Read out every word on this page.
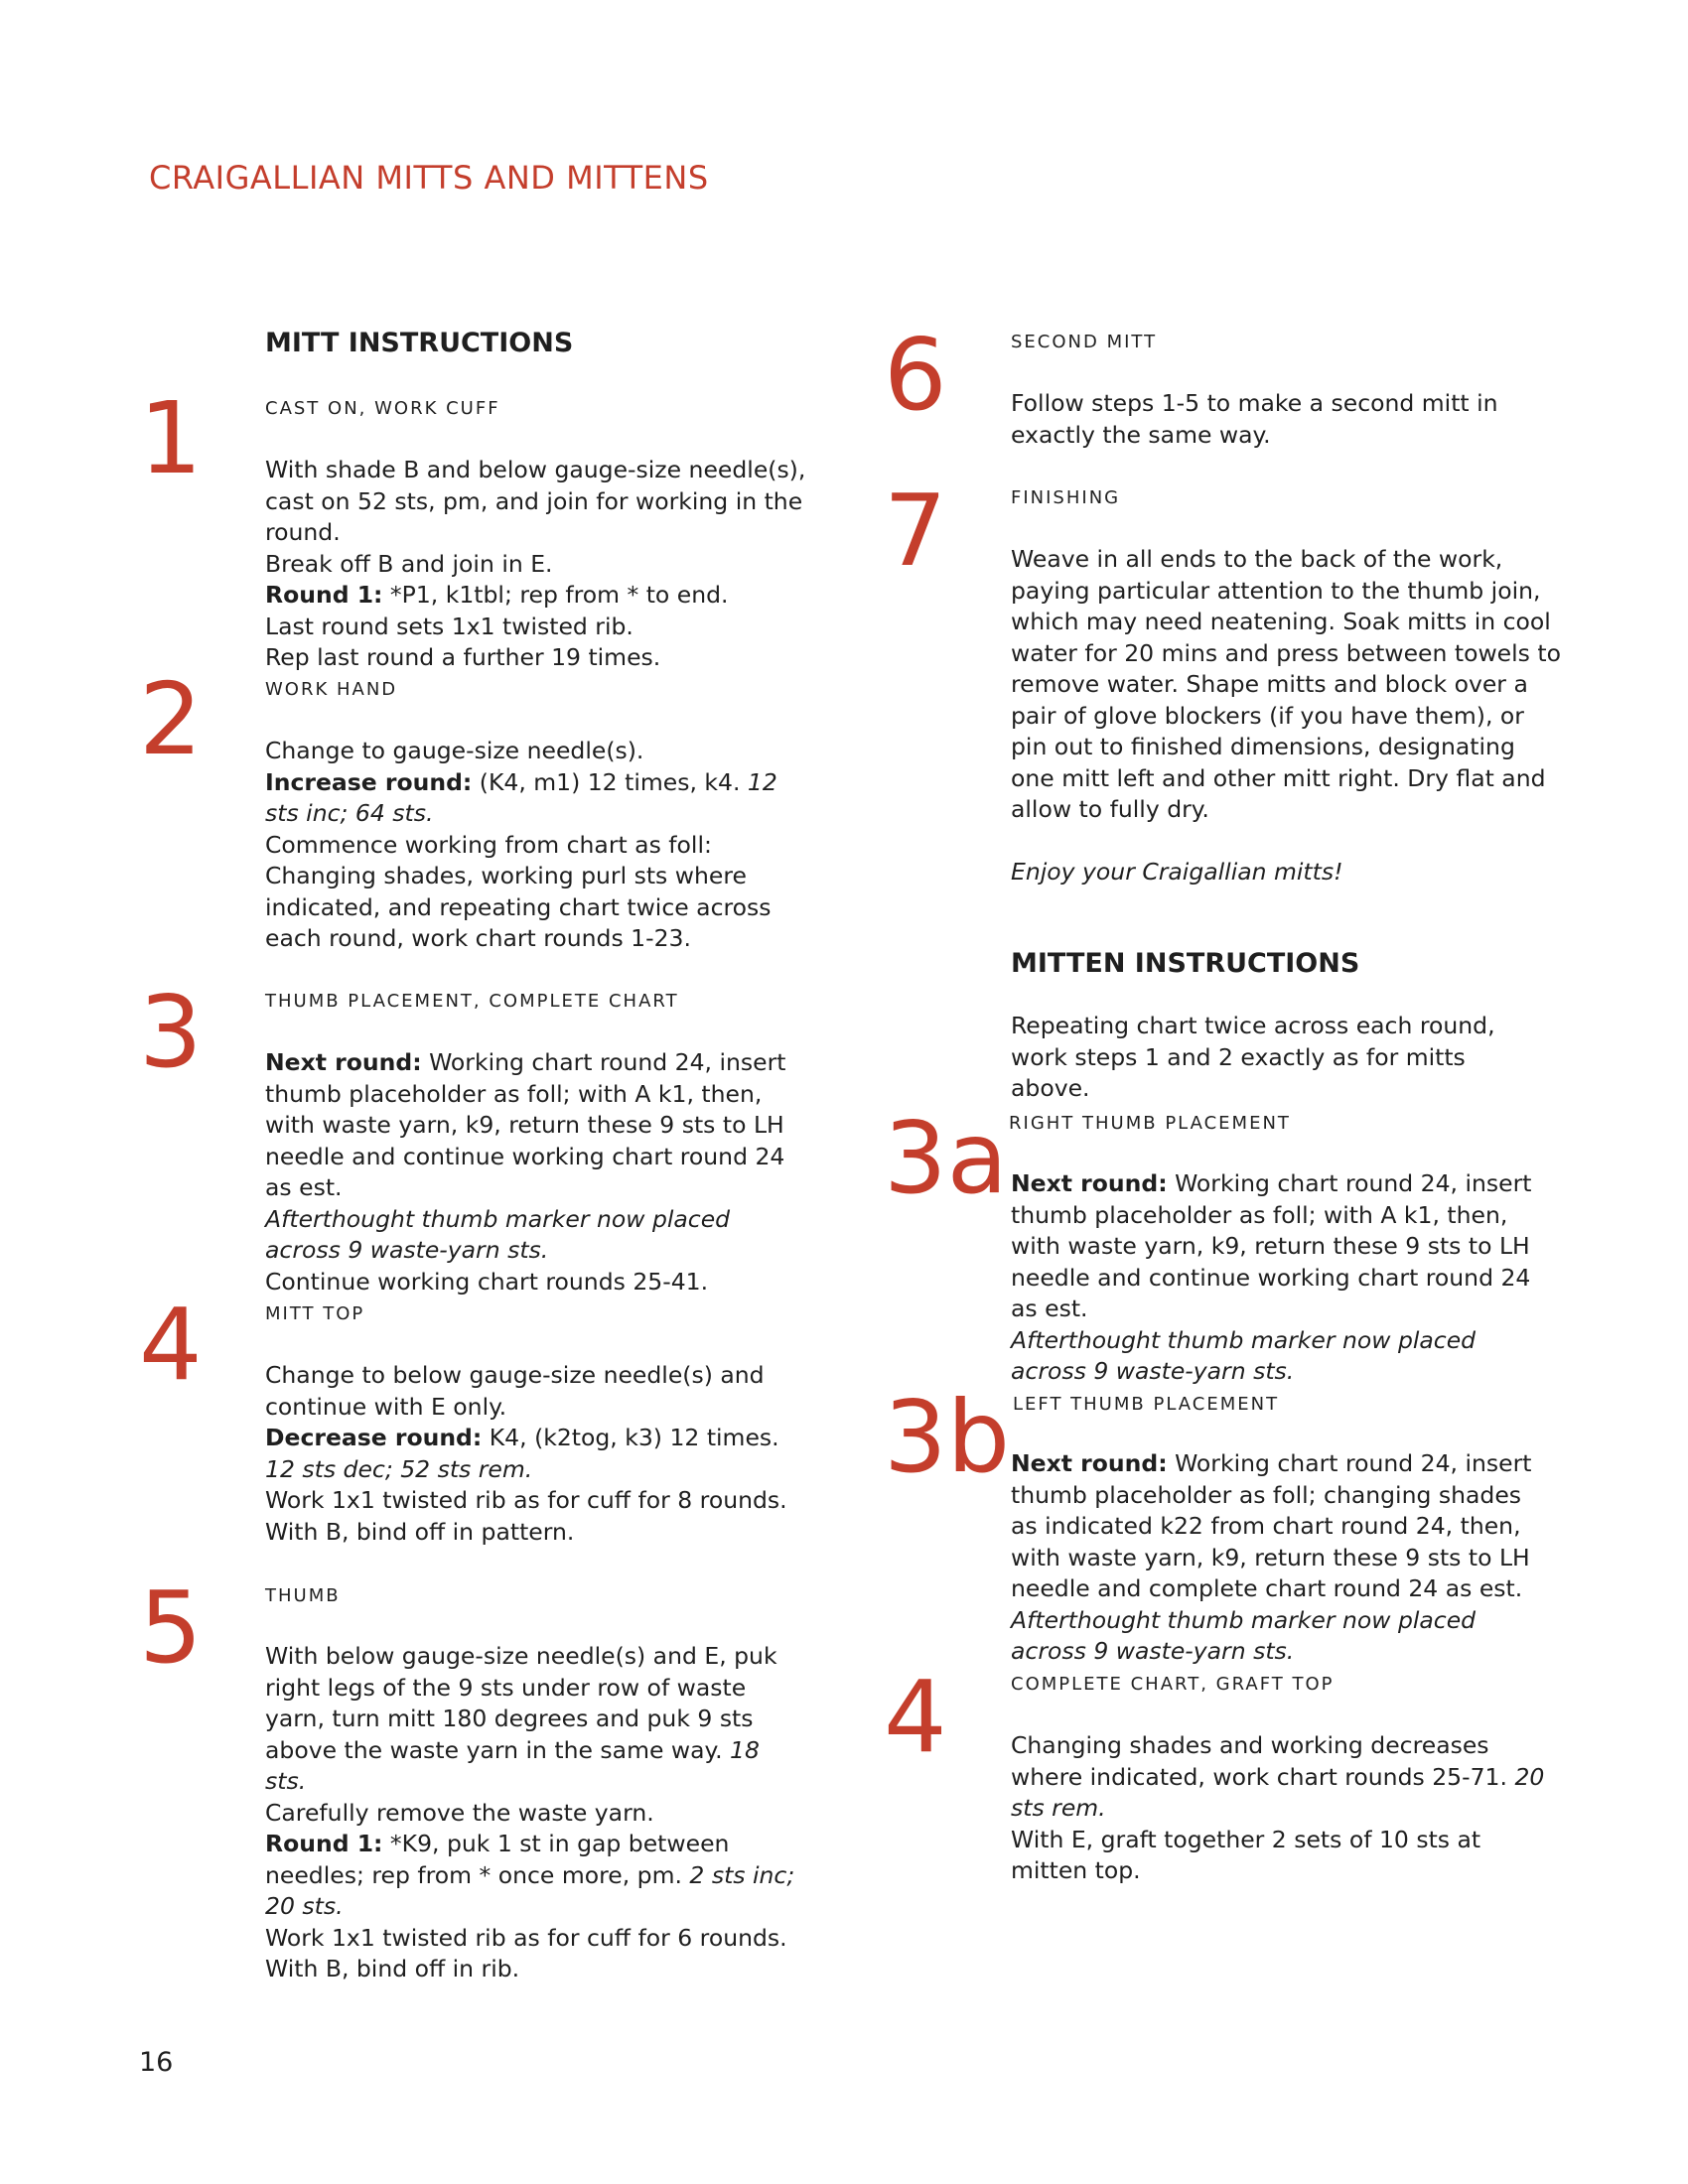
CRAIGALLIAN MITTS AND MITTENS
MITT INSTRUCTIONS
1	CAST ON, WORK CUFF

With shade B and below gauge-size needle(s), cast on 52 sts, pm, and join for working in the round.

Break off B and join in E.

Round 1: *P1, k1tbl; rep from * to end.

Last round sets 1x1 twisted rib.

Rep last round a further 19 times.

2	WORK HAND

Change to gauge-size needle(s).

Increase round: (K4, m1) 12 times, k4. 12 sts inc; 64 sts.

Commence working from chart as foll: Changing shades, working purl sts where indicated, and repeating chart twice across each round, work chart rounds 1-23.

3	THUMB PLACEMENT, COMPLETE CHART

Next round: Working chart round 24, insert thumb placeholder as foll; with A k1, then, with waste yarn, k9, return these 9 sts to LH needle and continue working chart round 24 as est.

Afterthought thumb marker now placed across 9 waste-yarn sts.

Continue working chart rounds 25-41.

4	MITT TOP

Change to below gauge-size needle(s) and continue with E only.

Decrease round: K4, (k2tog, k3) 12 times. 12 sts dec; 52 sts rem.

Work 1x1 twisted rib as for cuff for 8 rounds.

With B, bind off in pattern.

5	THUMB

With below gauge-size needle(s) and E, puk right legs of the 9 sts under row of waste yarn, turn mitt 180 degrees and puk 9 sts above the waste yarn in the same way. 18 sts.

Carefully remove the waste yarn.

Round 1: *K9, puk 1 st in gap between needles; rep from * once more, pm. 2 sts inc; 20 sts.

Work 1x1 twisted rib as for cuff for 6 rounds.

With B, bind off in rib.

6	SECOND MITT

Follow steps 1-5 to make a second mitt in exactly the same way.

7	FINISHING

Weave in all ends to the back of the work, paying particular attention to the thumb join, which may need neatening. Soak mitts in cool water for 20 mins and press between towels to remove water. Shape mitts and block over a pair of glove blockers (if you have them), or pin out to finished dimensions, designating one mitt left and other mitt right. Dry flat and allow to fully dry.

Enjoy your Craigallian mitts!

MITTEN INSTRUCTIONS

Repeating chart twice across each round, work steps 1 and 2 exactly as for mitts above.

3a RIGHT THUMB PLACEMENT

Next round: Working chart round 24, insert thumb placeholder as foll; with A k1, then, with waste yarn, k9, return these 9 sts to LH needle and continue working chart round 24 as est.

Afterthought thumb marker now placed across 9 waste-yarn sts.

3b LEFT THUMB PLACEMENT

Next round: Working chart round 24, insert thumb placeholder as foll; changing shades as indicated k22 from chart round 24, then, with waste yarn, k9, return these 9 sts to LH needle and complete chart round 24 as est. Afterthought thumb marker now placed across 9 waste-yarn sts.

4	COMPLETE CHART, GRAFT TOP

Changing shades and working decreases where indicated, work chart rounds 25-71. 20 sts rem.

With E, graft together 2 sets of 10 sts at mitten top.

16
